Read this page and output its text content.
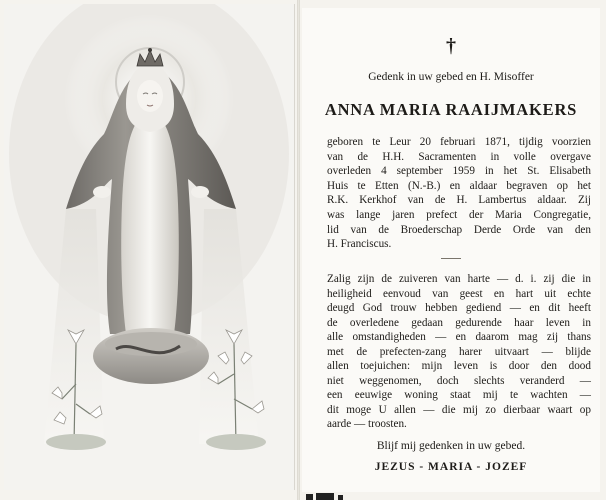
†
Gedenk in uw gebed en H. Misoffer
ANNA MARIA RAAIJMAKERS
geboren te Leur 20 februari 1871, tijdig voorzien
van de H.H. Sacramenten in volle overgave
overleden 4 september 1959 in het St. Elisabeth
Huis te Etten (N.-B.) en aldaar begraven op het
R.K. Kerkhof van de H. Lambertus aldaar. Zij
was lange jaren prefect der Maria Congregatie,
lid van de Broederschap Derde Orde van den
H. Franciscus.
Zalig zijn de zuiveren van harte — d. i. zij die in
heiligheid eenvoud van geest en hart uit echte
deugd God trouw hebben gediend — en dit heeft
de overledene gedaan gedurende haar leven in
alle omstandigheden — en daarom mag zij thans
met de prefecten-zang harer uitvaart — blijde
allen toejuichen: mijn leven is door den dood
niet weggenomen, doch slechts veranderd —
een eeuwige woning staat mij te wachten —
dit moge U allen — die mij zo dierbaar waart op
aarde — troosten.
Blijf mij gedenken in uw gebed.
JEZUS - MARIA - JOZEF
